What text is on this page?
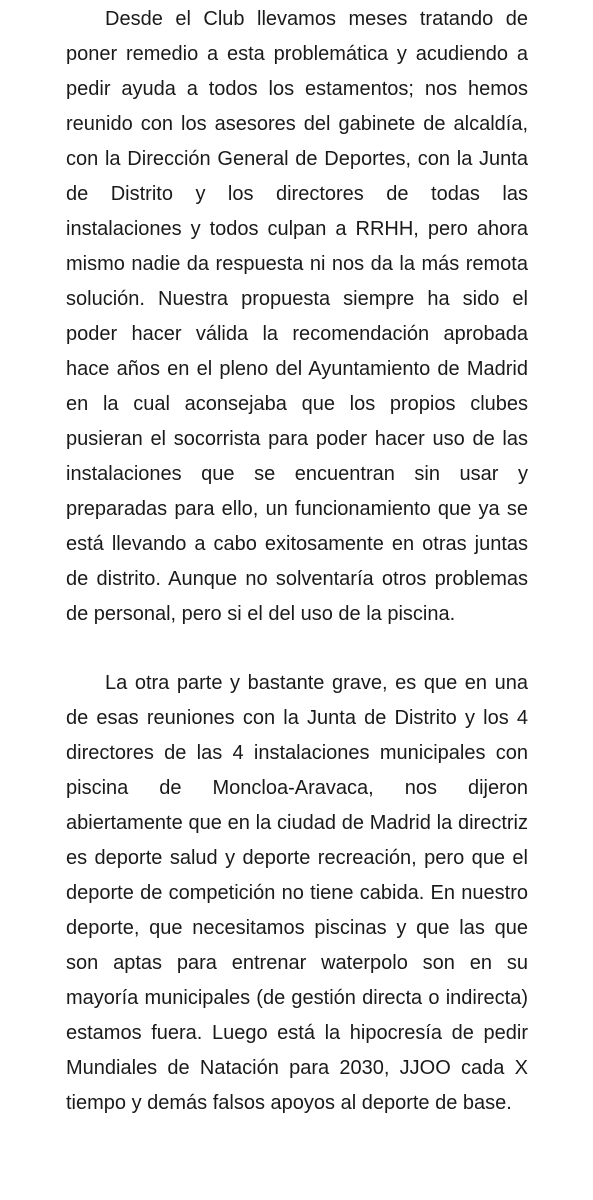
Desde el Club llevamos meses tratando de poner remedio a esta problemática y acudiendo a pedir ayuda a todos los estamentos; nos hemos reunido con los asesores del gabinete de alcaldía, con la Dirección General de Deportes, con la Junta de Distrito y los directores de todas las instalaciones y todos culpan a RRHH, pero ahora mismo nadie da respuesta ni nos da la más remota solución. Nuestra propuesta siempre ha sido el poder hacer válida la recomendación aprobada hace años en el pleno del Ayuntamiento de Madrid en la cual aconsejaba que los propios clubes pusieran el socorrista para poder hacer uso de las instalaciones que se encuentran sin usar y preparadas para ello, un funcionamiento que ya se está llevando a cabo exitosamente en otras juntas de distrito. Aunque no solventaría otros problemas de personal, pero si el del uso de la piscina.

La otra parte y bastante grave, es que en una de esas reuniones con la Junta de Distrito y los 4 directores de las 4 instalaciones municipales con piscina de Moncloa-Aravaca, nos dijeron abiertamente que en la ciudad de Madrid la directriz es deporte salud y deporte recreación, pero que el deporte de competición no tiene cabida. En nuestro deporte, que necesitamos piscinas y que las que son aptas para entrenar waterpolo son en su mayoría municipales (de gestión directa o indirecta) estamos fuera. Luego está la hipocresía de pedir Mundiales de Natación para 2030, JJOO cada X tiempo y demás falsos apoyos al deporte de base.
